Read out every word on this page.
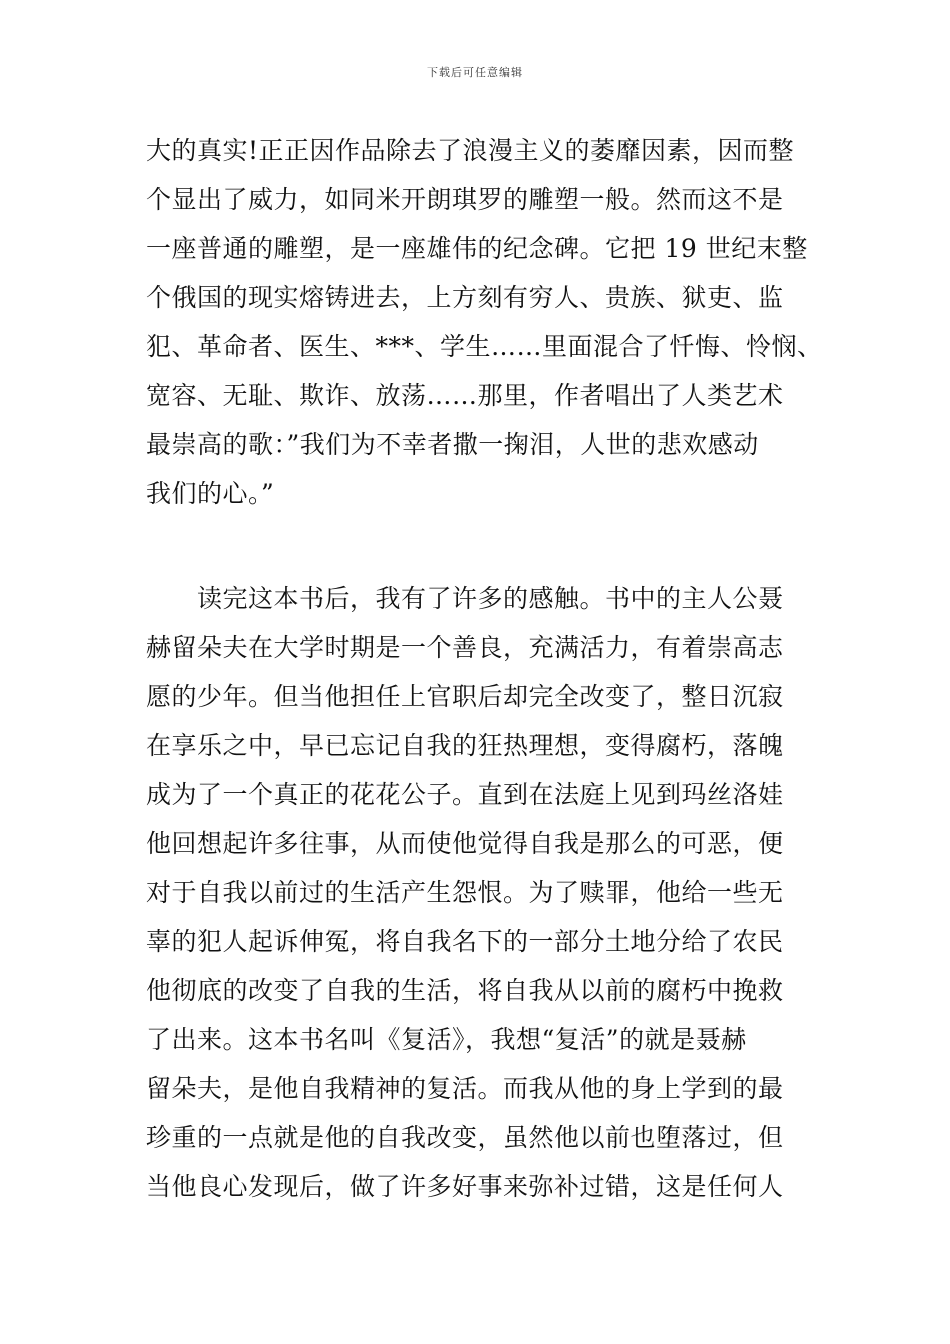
下载后可任意编辑
大的真实!正正因作品除去了浪漫主义的萎靡因素，因而整
个显出了威力，如同米开朗琪罗的雕塑一般。然而这不是
一座普通的雕塑，是一座雄伟的纪念碑。它把 19 世纪末整
个俄国的现实熔铸进去，上方刻有穷人、贵族、狱吏、监
犯、革命者、医生、***、学生……里面混合了忏悔、怜悯、
宽容、无耻、欺诈、放荡……那里，作者唱出了人类艺术
最崇高的歌：”我们为不幸者撒一掬泪，人世的悲欢感动
我们的心。”
　　读完这本书后，我有了许多的感触。书中的主人公聂
赫留朵夫在大学时期是一个善良，充满活力，有着崇高志
愿的少年。但当他担任上官职后却完全改变了，整日沉寂
在享乐之中，早已忘记自我的狂热理想，变得腐朽，落魄
成为了一个真正的花花公子。直到在法庭上见到玛丝洛娃
他回想起许多往事，从而使他觉得自我是那么的可恶，便
对于自我以前过的生活产生怨恨。为了赎罪，他给一些无
辜的犯人起诉伸冤，将自我名下的一部分土地分给了农民
他彻底的改变了自我的生活，将自我从以前的腐朽中挽救
了出来。这本书名叫《复活》，我想“复活”的就是聂赫
留朵夫，是他自我精神的复活。而我从他的身上学到的最
珍重的一点就是他的自我改变，虽然他以前也堕落过，但
当他良心发现后，做了许多好事来弥补过错，这是任何人
